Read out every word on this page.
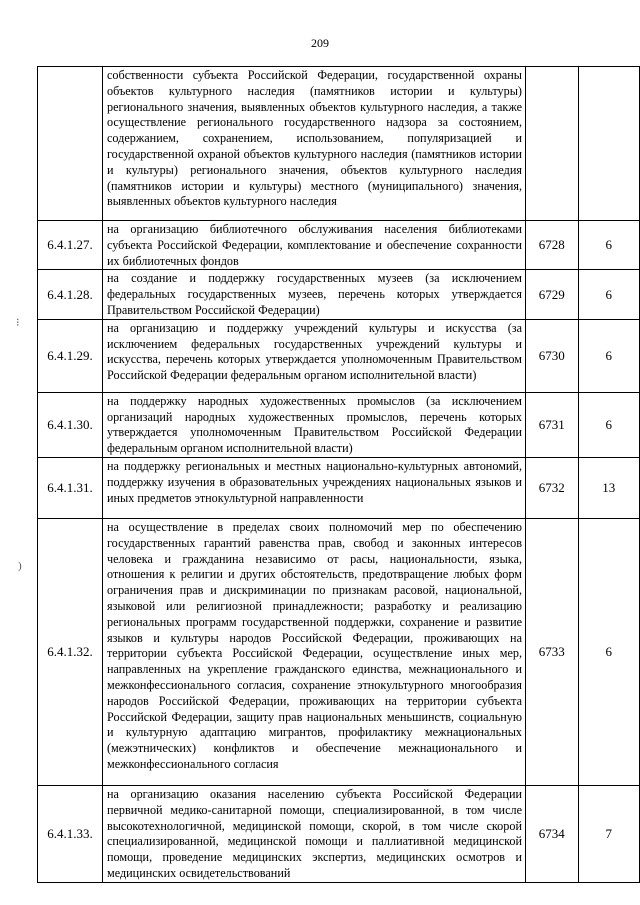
209
	собственности субъекта Российской Федерации, государственной охраны объектов культурного наследия (памятников истории и культуры) регионального значения, выявленных объектов культурного наследия, а также осуществление регионального государственного надзора за состоянием, содержанием, сохранением, использованием, популяризацией и государственной охраной объектов культурного наследия (памятников истории и культуры) регионального значения, объектов культурного наследия (памятников истории и культуры) местного (муниципального) значения, выявленных объектов культурного наследия		
6.4.1.27.	на организацию библиотечного обслуживания населения библиотеками субъекта Российской Федерации, комплектование и обеспечение сохранности их библиотечных фондов	6728	6
6.4.1.28.	на создание и поддержку государственных музеев (за исключением федеральных государственных музеев, перечень которых утверждается Правительством Российской Федерации)	6729	6
6.4.1.29.	на организацию и поддержку учреждений культуры и искусства (за исключением федеральных государственных учреждений культуры и искусства, перечень которых утверждается уполномоченным Правительством Российской Федерации федеральным органом исполнительной власти)	6730	6
6.4.1.30.	на поддержку народных художественных промыслов (за исключением организаций народных художественных промыслов, перечень которых утверждается уполномоченным Правительством Российской Федерации федеральным органом исполнительной власти)	6731	6
6.4.1.31.	на поддержку региональных и местных национально-культурных автономий, поддержку изучения в образовательных учреждениях национальных языков и иных предметов этнокультурной направленности	6732	13
6.4.1.32.	на осуществление в пределах своих полномочий мер по обеспечению государственных гарантий равенства прав, свобод и законных интересов человека и гражданина независимо от расы, национальности, языка, отношения к религии и других обстоятельств, предотвращение любых форм ограничения прав и дискриминации по признакам расовой, национальной, языковой или религиозной принадлежности; разработку и реализацию региональных программ государственной поддержки, сохранение и развитие языков и культуры народов Российской Федерации, проживающих на территории субъекта Российской Федерации, осуществление иных мер, направленных на укрепление гражданского единства, межнационального и межконфессионального согласия, сохранение этнокультурного многообразия народов Российской Федерации, проживающих на территории субъекта Российской Федерации, защиту прав национальных меньшинств, социальную и культурную адаптацию мигрантов, профилактику межнациональных (межэтнических) конфликтов и обеспечение межнационального и межконфессионального согласия	6733	6
6.4.1.33.	на организацию оказания населению субъекта Российской Федерации первичной медико-санитарной помощи, специализированной, в том числе высокотехнологичной, медицинской помощи, скорой, в том числе скорой специализированной, медицинской помощи и паллиативной медицинской помощи, проведение медицинских экспертиз, медицинских осмотров и медицинских освидетельствований	6734	7
⁝
)
